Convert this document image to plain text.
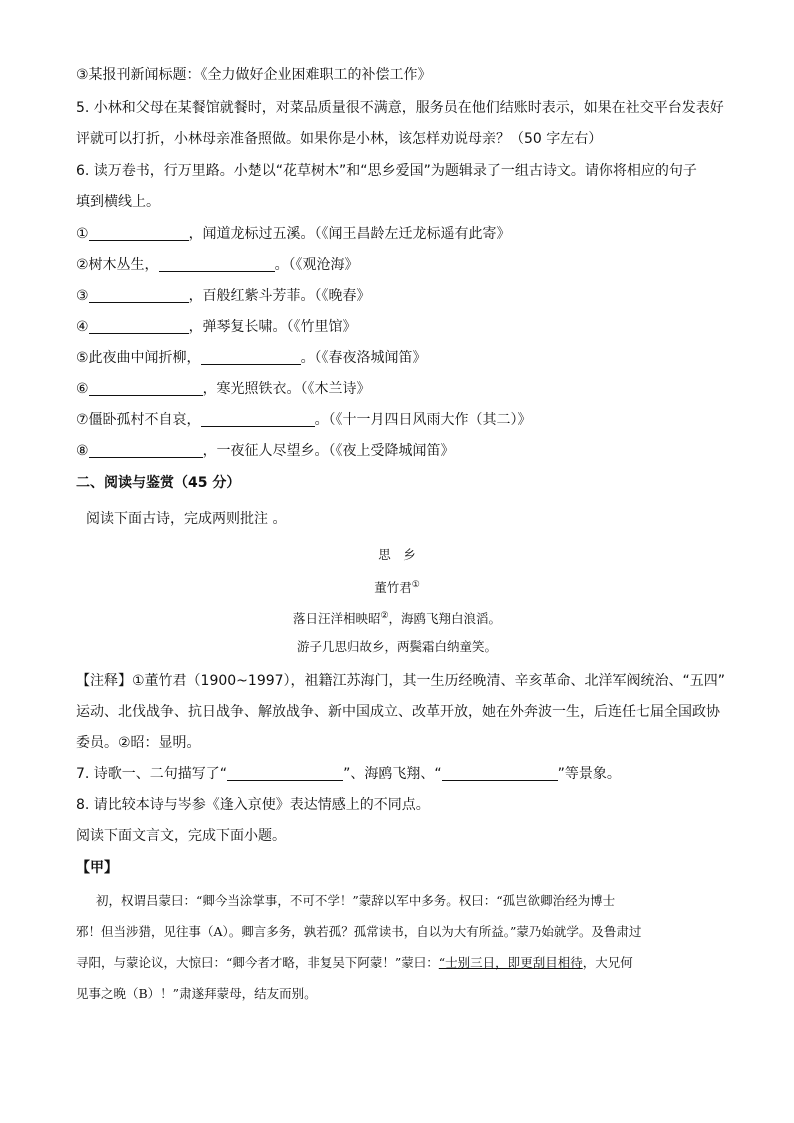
③某报刊新闻标题：《全力做好企业困难职工的补偿工作》
5. 小林和父母在某餐馆就餐时，对菜品质量很不满意，服务员在他们结账时表示，如果在社交平台发表好
评就可以打折，小林母亲准备照做。如果你是小林，该怎样劝说母亲？（50 字左右）
6. 读万卷书，行万里路。小楚以“花草树木”和“思乡爱国”为题辑录了一组古诗文。请你将相应的句子
填到横线上。
①	，闻道龙标过五溪。（《闻王昌龄左迁龙标遥有此寄》
②树木丛生，	。（《观沧海》
③	，百般红紫斗芳菲。（《晚春》
④	，弹琴复长啸。（《竹里馆》
⑤此夜曲中闻折柳，	。（《春夜洛城闻笛》
⑥	，寒光照铁衣。（《木兰诗》
⑦僵卧孤村不自哀，	。（《十一月四日风雨大作（其二）》
⑧	，一夜征人尽望乡。（《夜上受降城闻笛》
二、阅读与鉴赏（45 分）
阅读下面古诗，完成两则批注 。
思　乡
董竹君①
落日汪洋相映昭②，海鸥飞翔白浪滔。
游子几思归故乡，两鬓霜白纳童笑。
【注释】①董竹君（1900~1997），祖籍江苏海门，其一生历经晚清、辛亥革命、北洋军阀统治、“五四”
运动、北伐战争、抗日战争、解放战争、新中国成立、改革开放，她在外奔波一生，后连任七届全国政协
委员。②昭：显明。
7. 诗歌一、二句描写了“	”、海鸥飞翔、“	”等景象。
8. 请比较本诗与岑参《逢入京使》表达情感上的不同点。
阅读下面文言文，完成下面小题。
【甲】
初，权谓吕蒙曰：“卿今当涂掌事，不可不学！”蒙辞以军中多务。权曰：“孤岂欲卿治经为博士
邪！但当涉猎，见往事（A）。卿言多务，孰若孤？孤常读书，自以为大有所益。”蒙乃始就学。及鲁肃过
寻阳，与蒙论议，大惊曰：“卿今者才略，非复吴下阿蒙！”蒙曰：“士别三日，即更刮目相待，大兄何
见事之晚（B）！”肃遂拜蒙母，结友而别。
